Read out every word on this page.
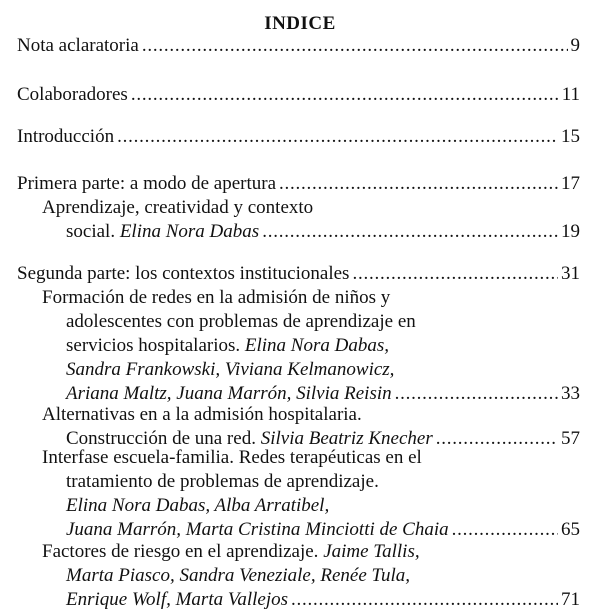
INDICE
Nota aclaratoria . . .	9
Colaboradores . . .	11
Introducción . . .	15
Primera parte: a modo de apertura . . .	17
Aprendizaje, creatividad y contexto
social. Elina Nora Dabas . . .	19
Segunda parte: los contextos institucionales . . .	31
Formación de redes en la admisión de niños y
adolescentes con problemas de aprendizaje en
servicios hospitalarios. Elina Nora Dabas,
Sandra Frankowski, Viviana Kelmanowicz,
Ariana Maltz, Juana Marrón, Silvia Reisin . . .	33
Alternativas en a la admisión hospitalaria.
Construcción de una red. Silvia Beatriz Knecher . . .	57
Interfase escuela-familia. Redes terapéuticas en el
tratamiento de problemas de aprendizaje.
Elina Nora Dabas, Alba Arratibel,
Juana Marrón, Marta Cristina Minciotti de Chaia . . .	65
Factores de riesgo en el aprendizaje. Jaime Tallis,
Marta Piasco, Sandra Veneziale, Renée Tula,
Enrique Wolf, Marta Vallejos . . .	71
